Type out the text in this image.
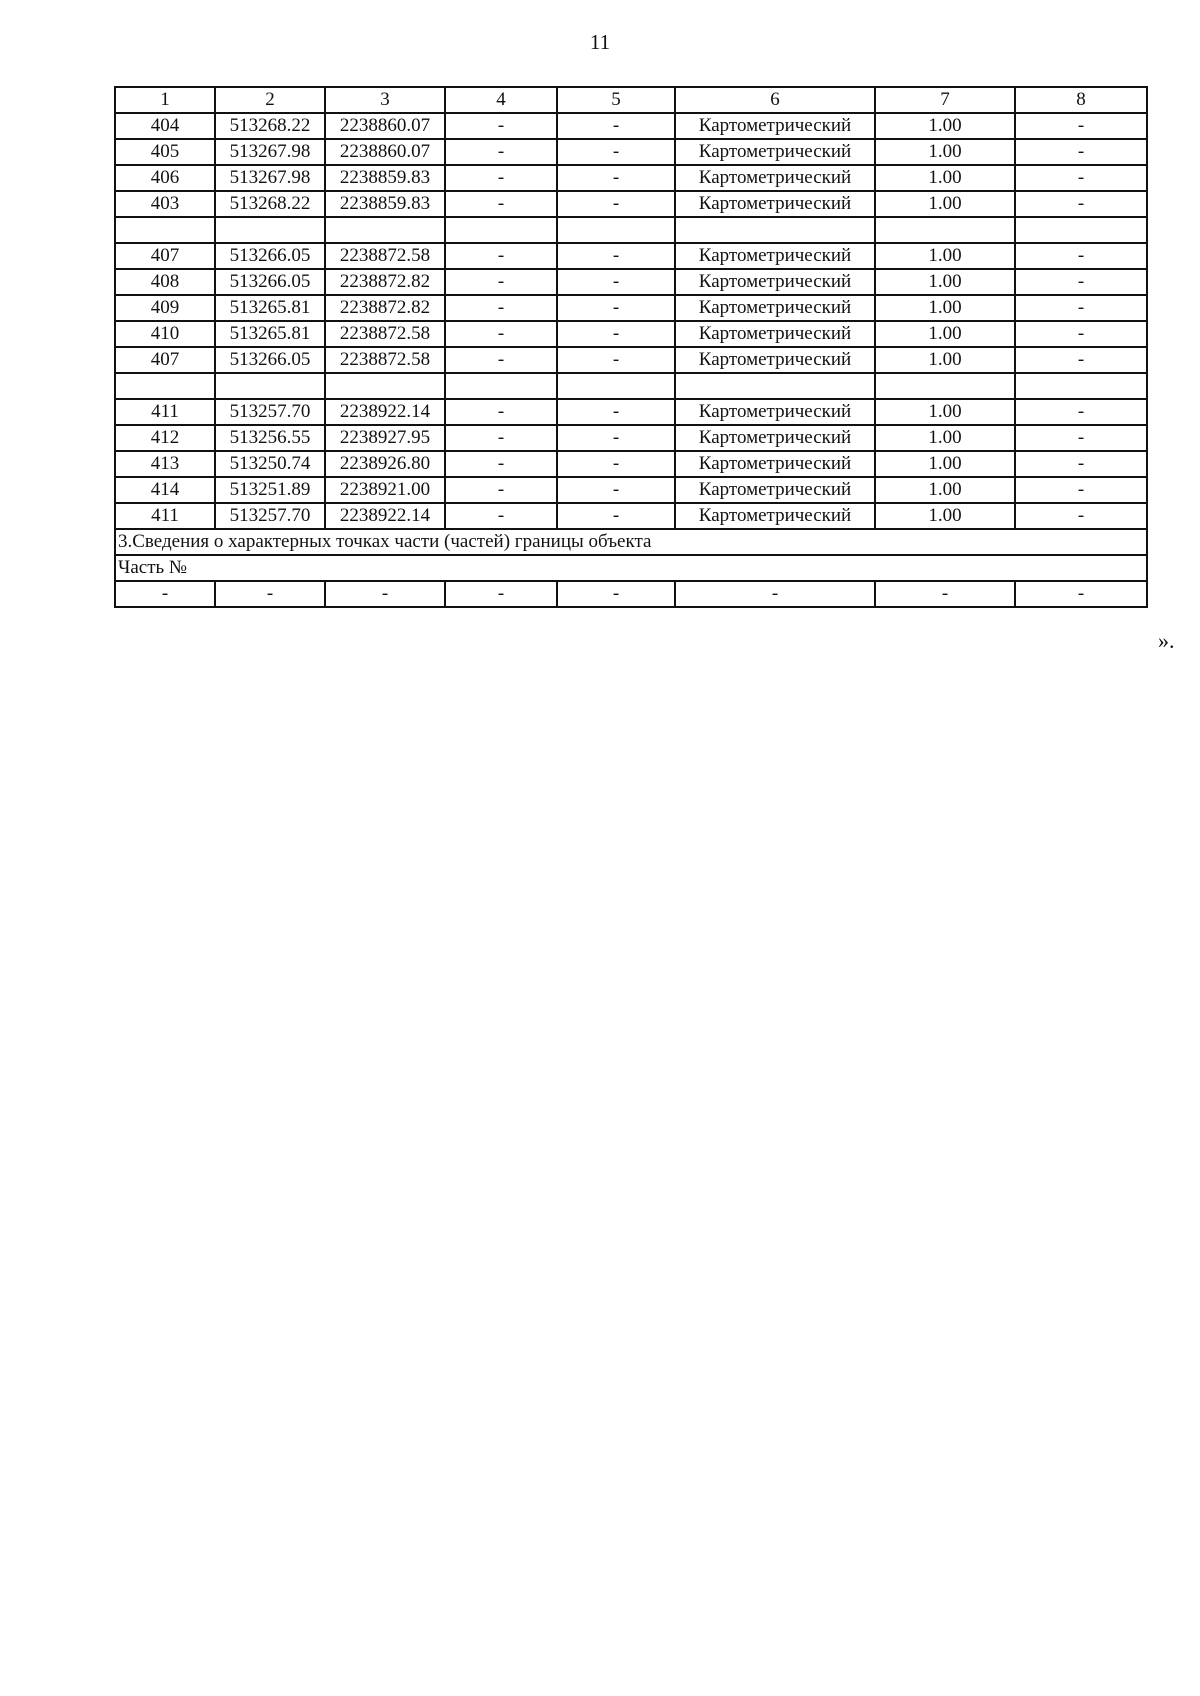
11
1	2	3	4	5	6	7	8
404	513268.22	2238860.07	-	-	Картометрический	1.00	-
405	513267.98	2238860.07	-	-	Картометрический	1.00	-
406	513267.98	2238859.83	-	-	Картометрический	1.00	-
403	513268.22	2238859.83	-	-	Картометрический	1.00	-

407	513266.05	2238872.58	-	-	Картометрический	1.00	-
408	513266.05	2238872.82	-	-	Картометрический	1.00	-
409	513265.81	2238872.82	-	-	Картометрический	1.00	-
410	513265.81	2238872.58	-	-	Картометрический	1.00	-
407	513266.05	2238872.58	-	-	Картометрический	1.00	-

411	513257.70	2238922.14	-	-	Картометрический	1.00	-
412	513256.55	2238927.95	-	-	Картометрический	1.00	-
413	513250.74	2238926.80	-	-	Картометрический	1.00	-
414	513251.89	2238921.00	-	-	Картометрический	1.00	-
411	513257.70	2238922.14	-	-	Картометрический	1.00	-
3.Сведения о характерных точках части (частей) границы объекта							
Часть №							
-	-	-	-	-	-	-	-
».
